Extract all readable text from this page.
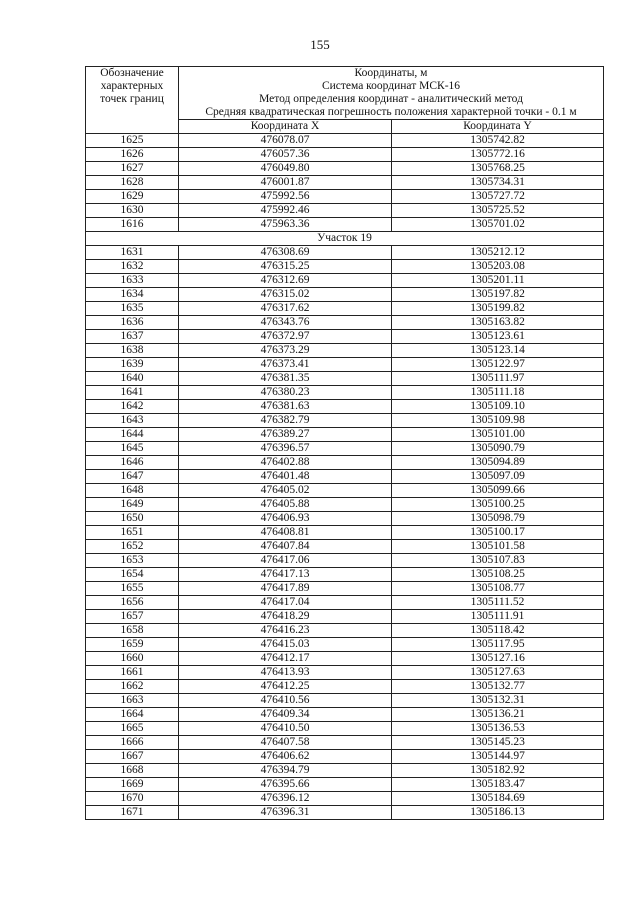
155
Обозначение
характерных
точек границ	Координаты, м
Система координат МСК-16
Метод определения координат - аналитический метод
Средняя квадратическая погрешность положения характерной точки - 0.1 м	

	Координата X	Координата Y
1625	476078.07	1305742.82
1626	476057.36	1305772.16
1627	476049.80	1305768.25
1628	476001.87	1305734.31
1629	475992.56	1305727.72
1630	475992.46	1305725.52
1616	475963.36	1305701.02
Участок 19		
1631	476308.69	1305212.12
1632	476315.25	1305203.08
1633	476312.69	1305201.11
1634	476315.02	1305197.82
1635	476317.62	1305199.82
1636	476343.76	1305163.82
1637	476372.97	1305123.61
1638	476373.29	1305123.14
1639	476373.41	1305122.97
1640	476381.35	1305111.97
1641	476380.23	1305111.18
1642	476381.63	1305109.10
1643	476382.79	1305109.98
1644	476389.27	1305101.00
1645	476396.57	1305090.79
1646	476402.88	1305094.89
1647	476401.48	1305097.09
1648	476405.02	1305099.66
1649	476405.88	1305100.25
1650	476406.93	1305098.79
1651	476408.81	1305100.17
1652	476407.84	1305101.58
1653	476417.06	1305107.83
1654	476417.13	1305108.25
1655	476417.89	1305108.77
1656	476417.04	1305111.52
1657	476418.29	1305111.91
1658	476416.23	1305118.42
1659	476415.03	1305117.95
1660	476412.17	1305127.16
1661	476413.93	1305127.63
1662	476412.25	1305132.77
1663	476410.56	1305132.31
1664	476409.34	1305136.21
1665	476410.50	1305136.53
1666	476407.58	1305145.23
1667	476406.62	1305144.97
1668	476394.79	1305182.92
1669	476395.66	1305183.47
1670	476396.12	1305184.69
1671	476396.31	1305186.13
